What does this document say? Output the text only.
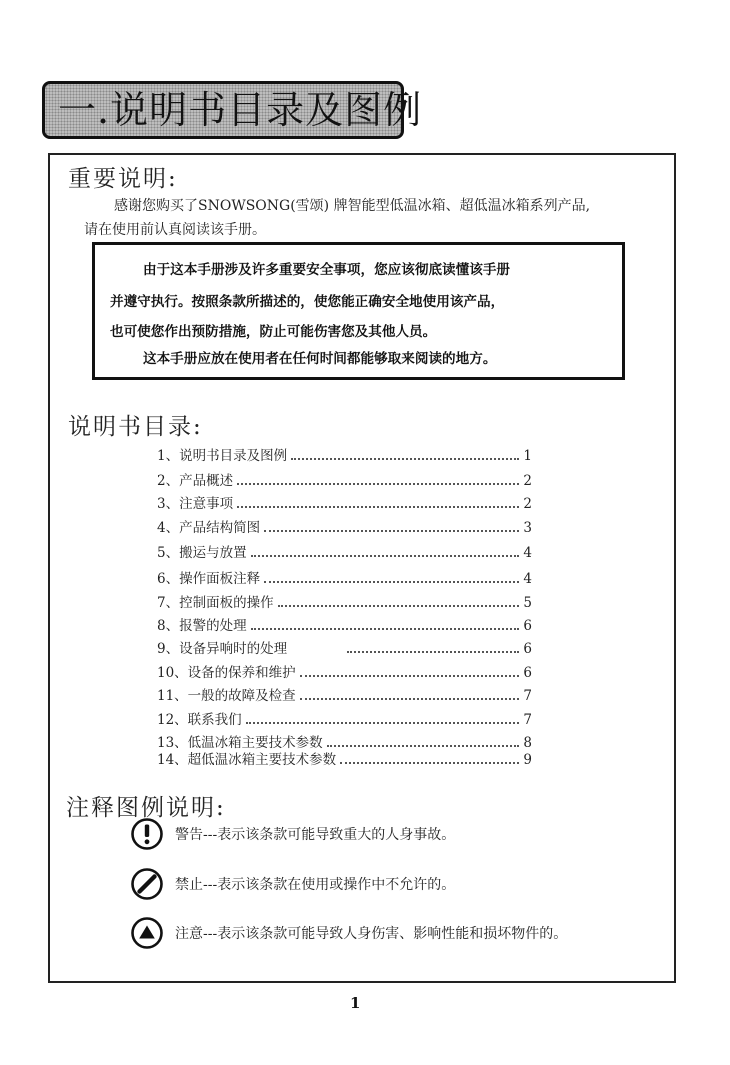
一.说明书目录及图例
重要说明:
感谢您购买了SNOWSONG(雪颂) 牌智能型低温冰箱、超低温冰箱系列产品,
请在使用前认真阅读该手册。
由于这本手册涉及许多重要安全事项，您应该彻底读懂该手册
并遵守执行。按照条款所描述的，使您能正确安全地使用该产品，
也可使您作出预防措施，防止可能伤害您及其他人员。
这本手册应放在使用者在任何时间都能够取来阅读的地方。
说明书目录:
1、说明书目录及图例	1
2、产品概述	2
3、注意事项	2
4、产品结构简图	3
5、搬运与放置	4
6、操作面板注释	4
7、控制面板的操作	5
8、报警的处理	6
9、设备异响时的处理	6
10、设备的保养和维护	6
11、一般的故障及检查	7
12、联系我们	7
13、低温冰箱主要技术参数	8
14、超低温冰箱主要技术参数	9
注释图例说明:
警告---表示该条款可能导致重大的人身事故。
禁止---表示该条款在使用或操作中不允许的。
注意---表示该条款可能导致人身伤害、影响性能和损坏物件的。
1
